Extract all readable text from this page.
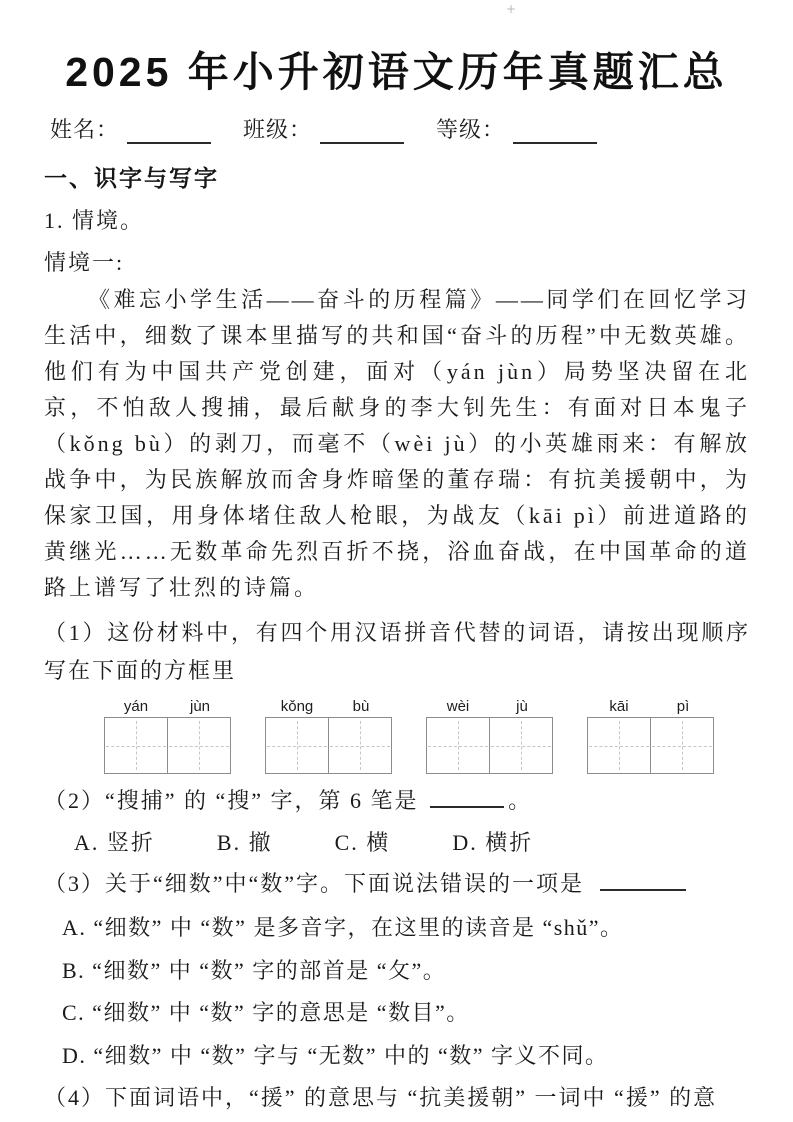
+
2025 年小升初语文历年真题汇总
姓名：	班级：	等级：
一、识字与写字
1. 情境。
情境一:
《难忘小学生活——奋斗的历程篇》——同学们在回忆学习生活中，细数了课本里描写的共和国“奋斗的历程”中无数英雄。他们有为中国共产党创建，面对（yán jùn）局势坚决留在北京，不怕敌人搜捕，最后献身的李大钊先生：有面对日本鬼子（kǒng bù）的剥刀，而毫不（wèi jù）的小英雄雨来：有解放战争中，为民族解放而舍身炸暗堡的董存瑞：有抗美援朝中，为保家卫国，用身体堵住敌人枪眼，为战友（kāi pì）前进道路的黄继光……无数革命先烈百折不挠，浴血奋战，在中国革命的道路上谱写了壮烈的诗篇。
（1）这份材料中，有四个用汉语拼音代替的词语，请按出现顺序写在下面的方框里
yán	jùn	kǒng	bù	wèi	jù	kāi	pì
（2）“搜捕” 的 “搜” 字，第 6 笔是	。
A. 竖折	B. 撤	C. 横	D. 横折
（3）关于“细数”中“数”字。下面说法错误的一项是
A. “细数” 中 “数” 是多音字，在这里的读音是 “shǔ”。
B. “细数” 中 “数” 字的部首是 “攵”。
C. “细数” 中 “数” 字的意思是 “数目”。
D. “细数” 中 “数” 字与 “无数” 中的 “数” 字义不同。
（4）下面词语中，“援” 的意思与 “抗美援朝” 一词中 “援” 的意
